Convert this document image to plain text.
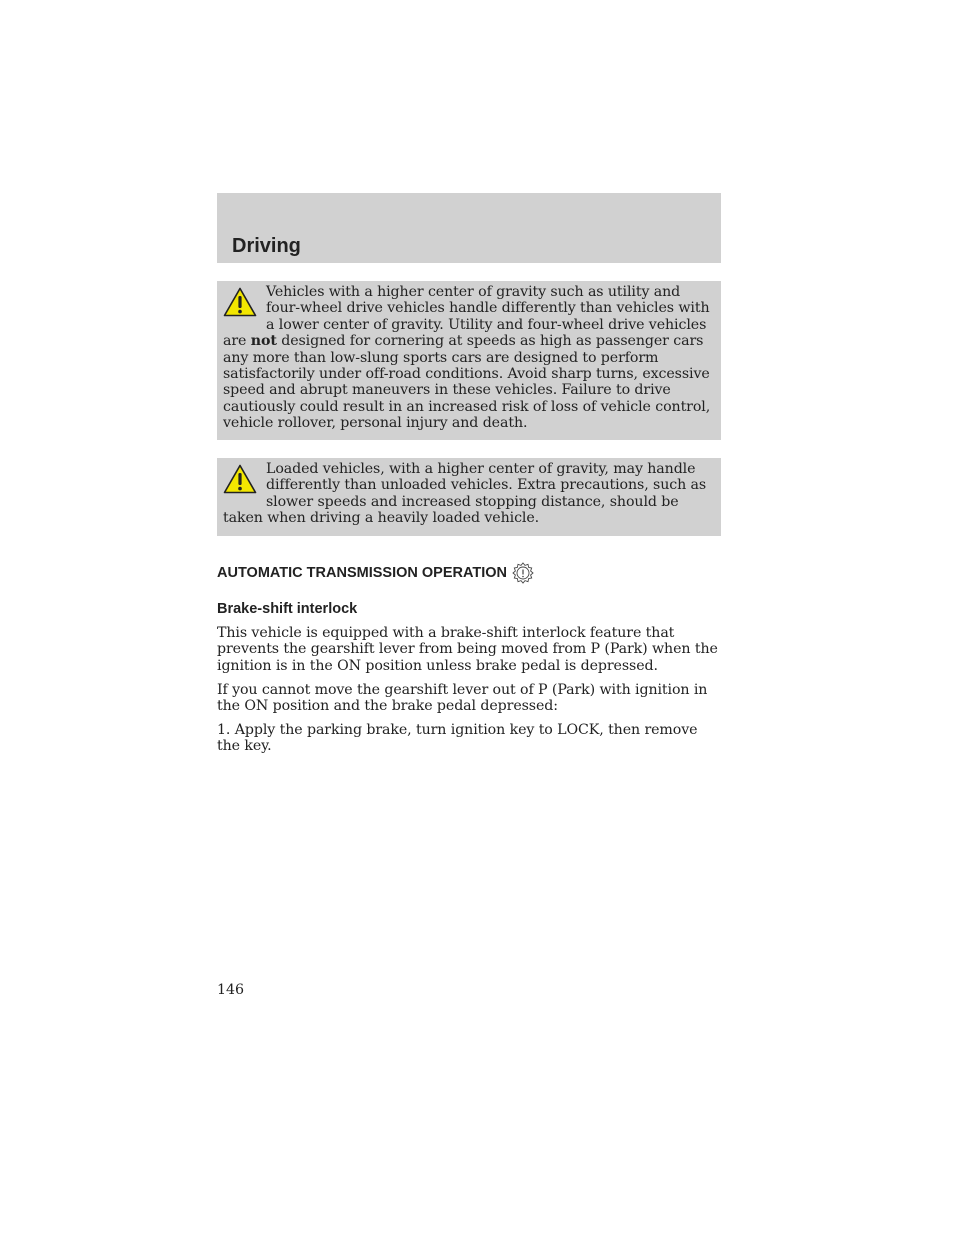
Driving

Vehicles with a higher center of gravity such as utility and four-wheel drive vehicles handle differently than vehicles with a lower center of gravity. Utility and four-wheel drive vehicles are not designed for cornering at speeds as high as passenger cars any more than low-slung sports cars are designed to perform satisfactorily under off-road conditions. Avoid sharp turns, excessive speed and abrupt maneuvers in these vehicles. Failure to drive cautiously could result in an increased risk of loss of vehicle control, vehicle rollover, personal injury and death.

Loaded vehicles, with a higher center of gravity, may handle differently than unloaded vehicles. Extra precautions, such as slower speeds and increased stopping distance, should be taken when driving a heavily loaded vehicle.

AUTOMATIC TRANSMISSION OPERATION
Brake-shift interlock

This vehicle is equipped with a brake-shift interlock feature that prevents the gearshift lever from being moved from P (Park) when the ignition is in the ON position unless brake pedal is depressed.

If you cannot move the gearshift lever out of P (Park) with ignition in the ON position and the brake pedal depressed:

1. Apply the parking brake, turn ignition key to LOCK, then remove the key.

146
